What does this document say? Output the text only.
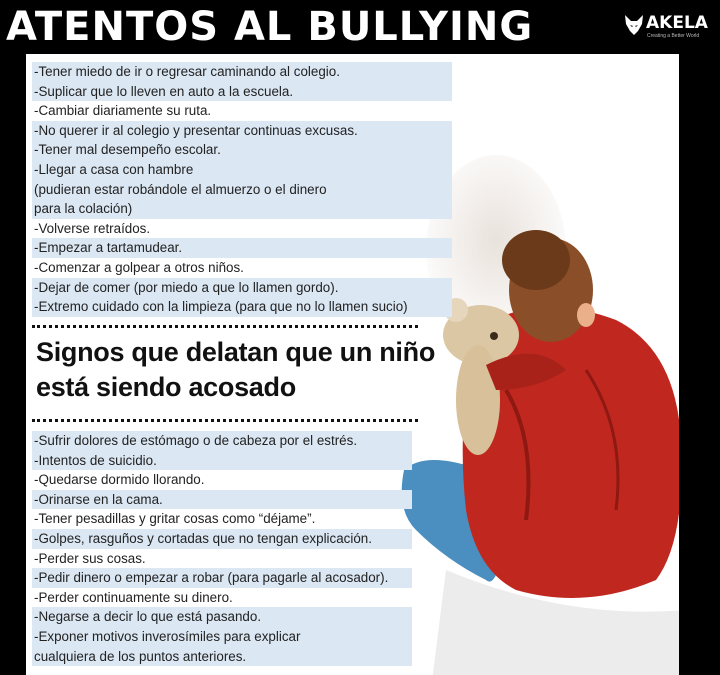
ATENTOS AL BULLYING	AKELA
Creating a Better World
-Tener miedo de ir o regresar caminando al colegio.
-Suplicar que lo lleven en auto a la escuela.
-Cambiar diariamente su ruta.
-No querer ir al colegio y presentar continuas excusas.
-Tener mal desempeño escolar.
-Llegar a casa con hambre
(pudieran estar robándole el almuerzo o el dinero
para la colación)
-Volverse retraídos.
-Empezar a tartamudear.
-Comenzar a golpear a otros niños.
-Dejar de comer (por miedo a que lo llamen gordo).
-Extremo cuidado con la limpieza (para que no lo llamen sucio)
Signos que delatan que un niño está siendo acosado
-Sufrir dolores de estómago o de cabeza por el estrés.
-Intentos de suicidio.
-Quedarse dormido llorando.
-Orinarse en la cama.
-Tener pesadillas y gritar cosas como “déjame”.
-Golpes, rasguños y cortadas que no tengan explicación.
-Perder sus cosas.
-Pedir dinero o empezar a robar (para pagarle al acosador).
-Perder continuamente su dinero.
-Negarse a decir lo que está pasando.
-Exponer motivos inverosímiles para explicar
cualquiera de los puntos anteriores.
